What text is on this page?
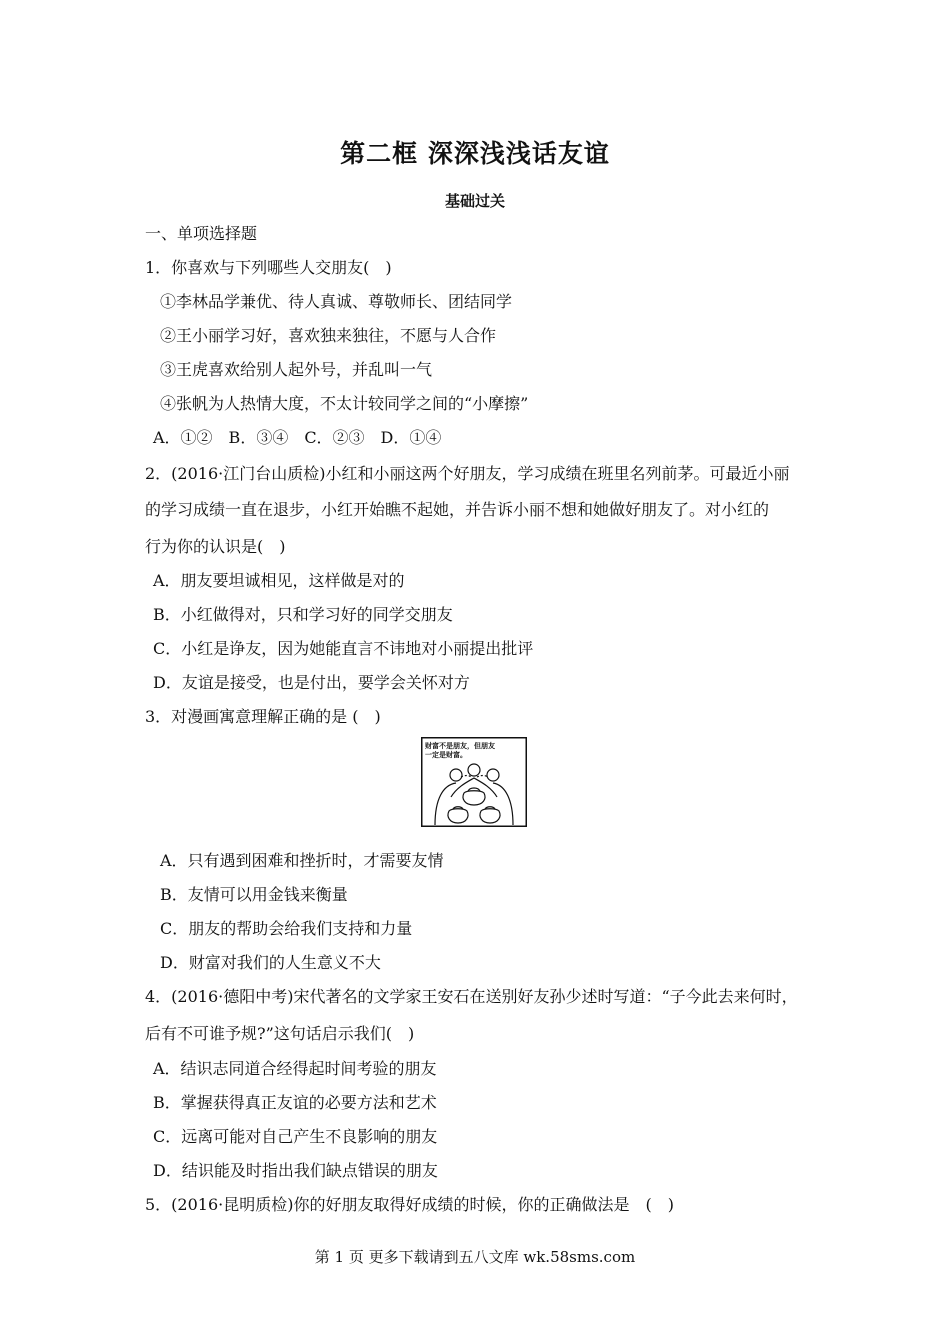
第二框 深深浅浅话友谊
基础过关
一、单项选择题
1．你喜欢与下列哪些人交朋友(　)
①李林品学兼优、待人真诚、尊敬师长、团结同学
②王小丽学习好，喜欢独来独往，不愿与人合作
③王虎喜欢给别人起外号，并乱叫一气
④张帆为人热情大度，不太计较同学之间的“小摩擦”
A．①②　B．③④　C．②③　D．①④
2．(2016·江门台山质检)小红和小丽这两个好朋友，学习成绩在班里名列前茅。可最近小丽
的学习成绩一直在退步，小红开始瞧不起她，并告诉小丽不想和她做好朋友了。对小红的
行为你的认识是(　)
A．朋友要坦诚相见，这样做是对的
B．小红做得对，只和学习好的同学交朋友
C．小红是诤友，因为她能直言不讳地对小丽提出批评
D．友谊是接受，也是付出，要学会关怀对方
3．对漫画寓意理解正确的是 (　)
财富不是朋友，但朋友
一定是财富。
A．只有遇到困难和挫折时，才需要友情
B．友情可以用金钱来衡量
C．朋友的帮助会给我们支持和力量
D．财富对我们的人生意义不大
4．(2016·德阳中考)宋代著名的文学家王安石在送别好友孙少述时写道：“子今此去来何时，
后有不可谁予规?”这句话启示我们(　)
A．结识志同道合经得起时间考验的朋友
B．掌握获得真正友谊的必要方法和艺术
C．远离可能对自己产生不良影响的朋友
D．结识能及时指出我们缺点错误的朋友
5．(2016·昆明质检)你的好朋友取得好成绩的时候，你的正确做法是　(　)
第 1 页 更多下载请到五八文库 wk.58sms.com
